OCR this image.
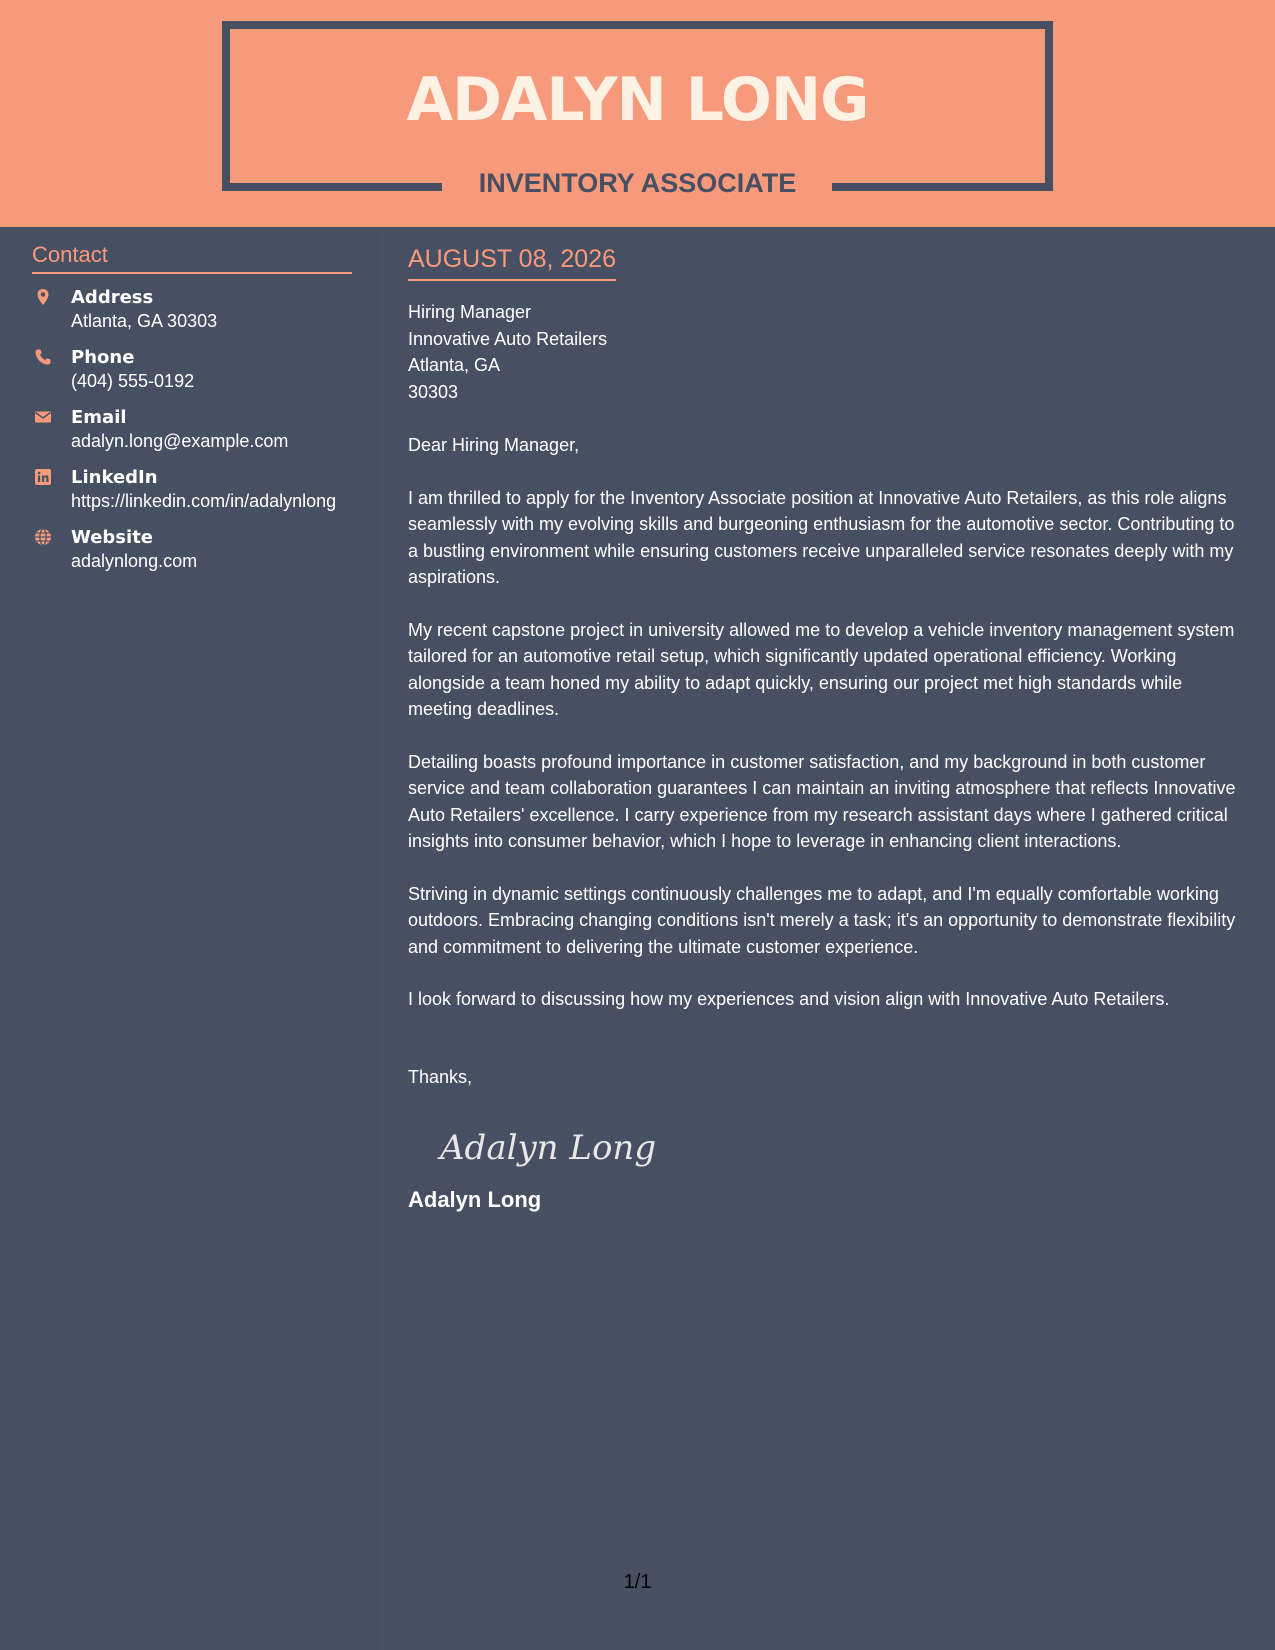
ADALYN LONG
INVENTORY ASSOCIATE
Contact
Address
Atlanta, GA 30303
Phone
(404) 555-0192
Email
adalyn.long@example.com
LinkedIn
https://linkedin.com/in/adalynlong
Website
adalynlong.com
AUGUST 08, 2026
Hiring Manager
Innovative Auto Retailers
Atlanta, GA
30303
Dear Hiring Manager,
I am thrilled to apply for the Inventory Associate position at Innovative Auto Retailers, as this role aligns seamlessly with my evolving skills and burgeoning enthusiasm for the automotive sector. Contributing to a bustling environment while ensuring customers receive unparalleled service resonates deeply with my aspirations.
My recent capstone project in university allowed me to develop a vehicle inventory management system tailored for an automotive retail setup, which significantly updated operational efficiency. Working alongside a team honed my ability to adapt quickly, ensuring our project met high standards while meeting deadlines.
Detailing boasts profound importance in customer satisfaction, and my background in both customer service and team collaboration guarantees I can maintain an inviting atmosphere that reflects Innovative Auto Retailers' excellence. I carry experience from my research assistant days where I gathered critical insights into consumer behavior, which I hope to leverage in enhancing client interactions.
Striving in dynamic settings continuously challenges me to adapt, and I'm equally comfortable working outdoors. Embracing changing conditions isn't merely a task; it's an opportunity to demonstrate flexibility and commitment to delivering the ultimate customer experience.
I look forward to discussing how my experiences and vision align with Innovative Auto Retailers.
Thanks,
Adalyn Long
Adalyn Long
1/1
